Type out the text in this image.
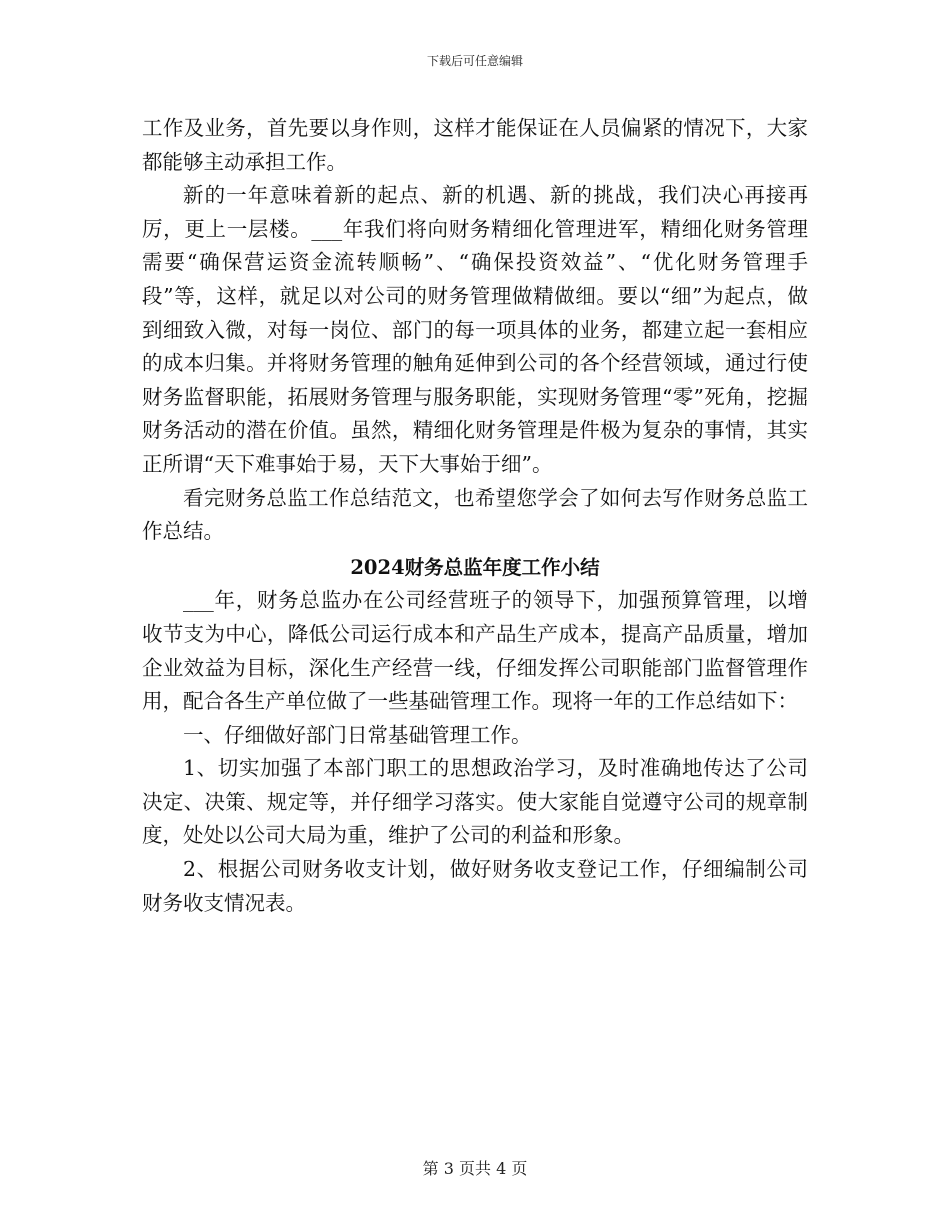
下载后可任意编辑

工作及业务，首先要以身作则，这样才能保证在人员偏紧的情况下，大家都能够主动承担工作。

新的一年意味着新的起点、新的机遇、新的挑战，我们决心再接再厉，更上一层楼。___年我们将向财务精细化管理进军，精细化财务管理需要“确保营运资金流转顺畅”、“确保投资效益”、“优化财务管理手段”等，这样，就足以对公司的财务管理做精做细。要以“细”为起点，做到细致入微，对每一岗位、部门的每一项具体的业务，都建立起一套相应的成本归集。并将财务管理的触角延伸到公司的各个经营领域，通过行使财务监督职能，拓展财务管理与服务职能，实现财务管理“零”死角，挖掘财务活动的潜在价值。虽然，精细化财务管理是件极为复杂的事情，其实正所谓“天下难事始于易，天下大事始于细”。

看完财务总监工作总结范文，也希望您学会了如何去写作财务总监工作总结。

2024财务总监年度工作小结

___年，财务总监办在公司经营班子的领导下，加强预算管理，以增收节支为中心，降低公司运行成本和产品生产成本，提高产品质量，增加企业效益为目标，深化生产经营一线，仔细发挥公司职能部门监督管理作用，配合各生产单位做了一些基础管理工作。现将一年的工作总结如下：

一、仔细做好部门日常基础管理工作。

1、切实加强了本部门职工的思想政治学习，及时准确地传达了公司决定、决策、规定等，并仔细学习落实。使大家能自觉遵守公司的规章制度，处处以公司大局为重，维护了公司的利益和形象。

2、根据公司财务收支计划，做好财务收支登记工作，仔细编制公司财务收支情况表。

第 3 页共 4 页
